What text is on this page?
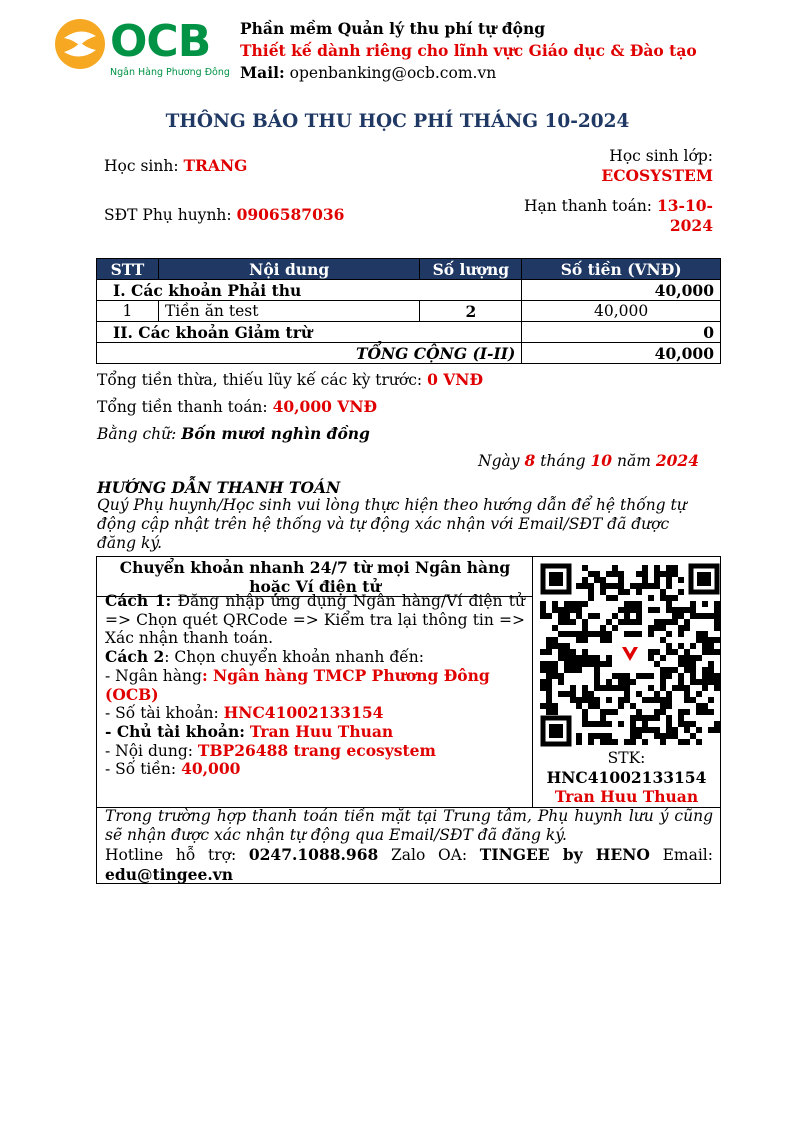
OCB
Ngân Hàng Phương Đông
Phần mềm Quản lý thu phí tự động
Thiết kế dành riêng cho lĩnh vực Giáo dục & Đào tạo
Mail: openbanking@ocb.com.vn
THÔNG BÁO THU HỌC PHÍ THÁNG 10-2024
Học sinh: TRANG	Học sinh lớp:
ECOSYSTEM
SĐT Phụ huynh: 0906587036	Hạn thanh toán: 13-10-
2024
STT	Nội dung	Số lượng	Số tiền (VNĐ)
I. Các khoản Phải thu			40,000
1	Tiền ăn test	2	40,000
II. Các khoản Giảm trừ			0
TỔNG CỘNG (I-II)			40,000
Tổng tiền thừa, thiếu lũy kế các kỳ trước: 0 VNĐ
Tổng tiền thanh toán: 40,000 VNĐ
Bằng chữ: Bốn mươi nghìn đồng
Ngày 8 tháng 10 năm 2024
HƯỚNG DẪN THANH TOÁN
Quý Phụ huynh/Học sinh vui lòng thực hiện theo hướng dẫn để hệ thống tự động cập nhật trên hệ thống và tự động xác nhận với Email/SĐT đã được đăng ký.
Chuyển khoản nhanh 24/7 từ mọi Ngân hàng hoặc Ví điện tử
Cách 1: Đăng nhập ứng dụng Ngân hàng/Ví điện tử => Chọn quét QRCode => Kiểm tra lại thông tin => Xác nhận thanh toán.
Cách 2: Chọn chuyển khoản nhanh đến:
- Ngân hàng: Ngân hàng TMCP Phương Đông (OCB)
- Số tài khoản: HNC41002133154
- Chủ tài khoản: Tran Huu Thuan
- Nội dung: TBP26488 trang ecosystem
- Số tiền: 40,000
STK:
HNC41002133154
Tran Huu Thuan
Trong trường hợp thanh toán tiền mặt tại Trung tâm, Phụ huynh lưu ý cũng sẽ nhận được xác nhận tự động qua Email/SĐT đã đăng ký.
Hotline hỗ trợ: 0247.1088.968 Zalo OA: TINGEE by HENO Email:
edu@tingee.vn
